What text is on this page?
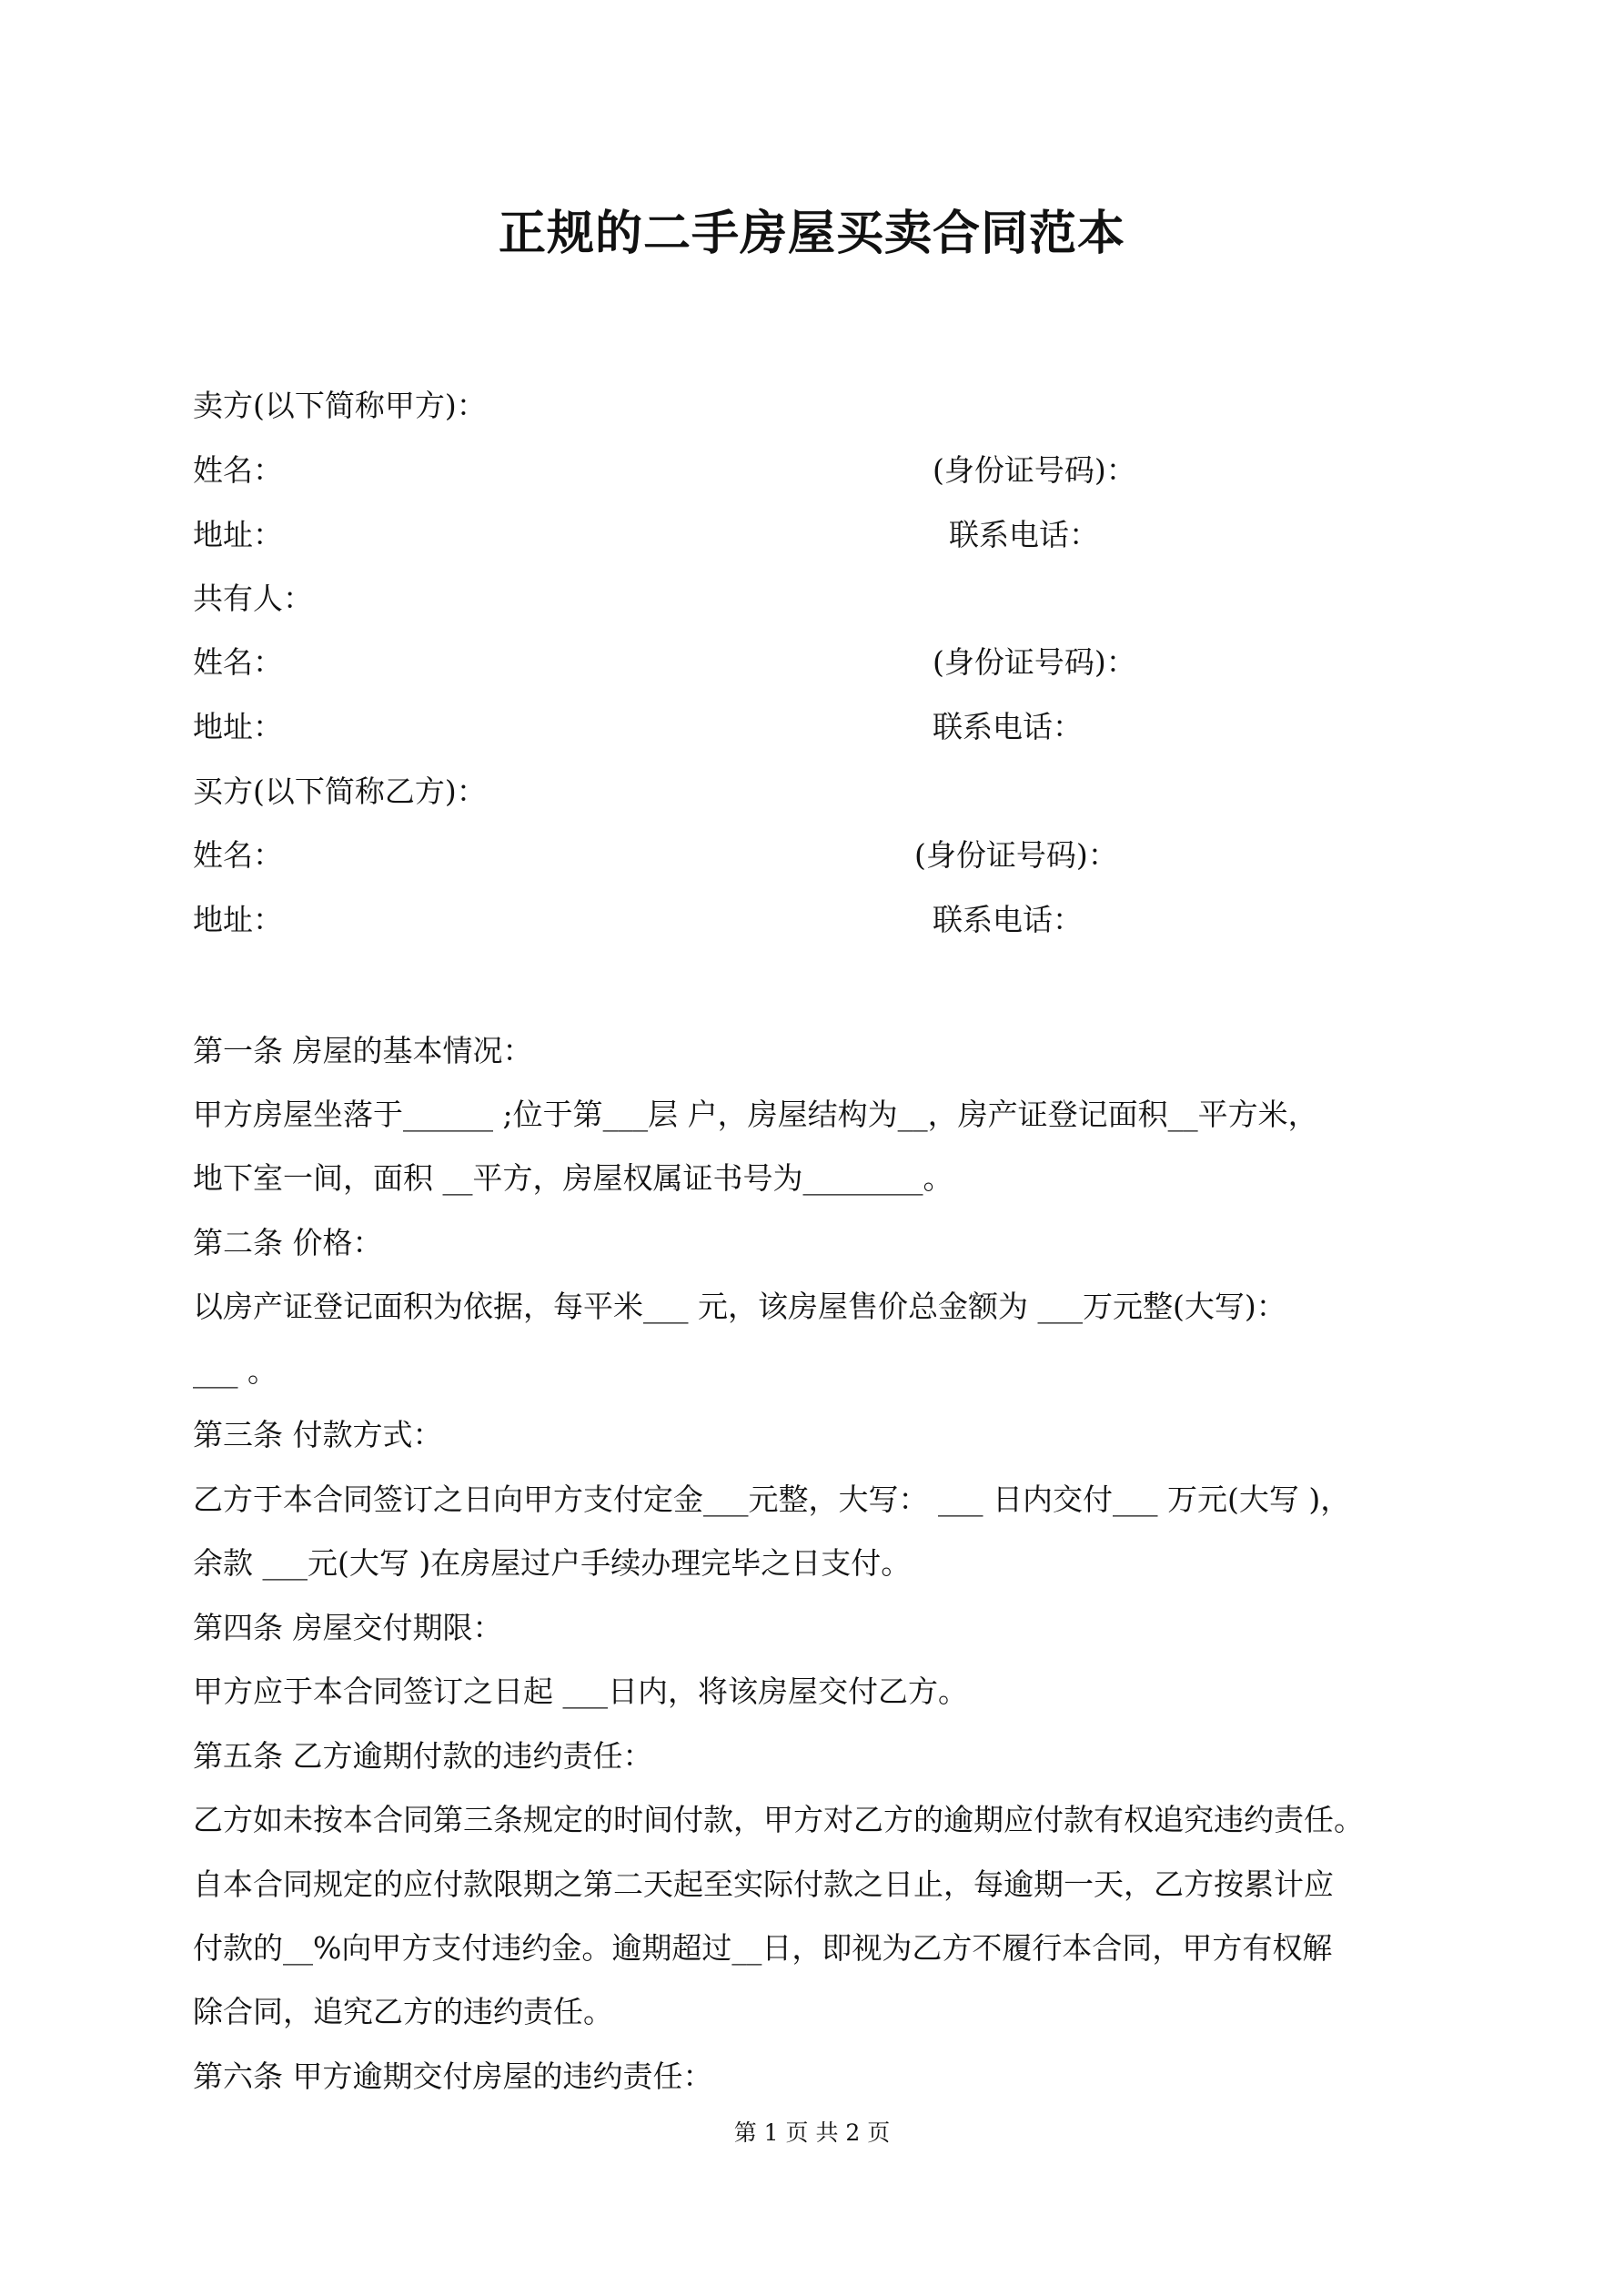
正规的二手房屋买卖合同范本
卖方(以下简称甲方)：
姓名：	(身份证号码)：
地址：	联系电话：
共有人：
姓名：	(身份证号码)：
地址：	联系电话：
买方(以下简称乙方)：
姓名：	(身份证号码)：
地址：	联系电话：
第一条 房屋的基本情况：
甲方房屋坐落于______ ;位于第___层 户，房屋结构为__，房产证登记面积__平方米，
地下室一间，面积 __平方，房屋权属证书号为________。
第二条 价格：
以房产证登记面积为依据，每平米___ 元，该房屋售价总金额为 ___万元整(大写)：
___ 。
第三条 付款方式：
乙方于本合同签订之日向甲方支付定金___元整，大写： ___ 日内交付___ 万元(大写 )，
余款 ___元(大写 )在房屋过户手续办理完毕之日支付。
第四条 房屋交付期限：
甲方应于本合同签订之日起 ___日内，将该房屋交付乙方。
第五条 乙方逾期付款的违约责任：
乙方如未按本合同第三条规定的时间付款，甲方对乙方的逾期应付款有权追究违约责任。
自本合同规定的应付款限期之第二天起至实际付款之日止，每逾期一天，乙方按累计应
付款的__%向甲方支付违约金。逾期超过__日，即视为乙方不履行本合同，甲方有权解
除合同，追究乙方的违约责任。
第六条 甲方逾期交付房屋的违约责任：
第 1 页 共 2 页
